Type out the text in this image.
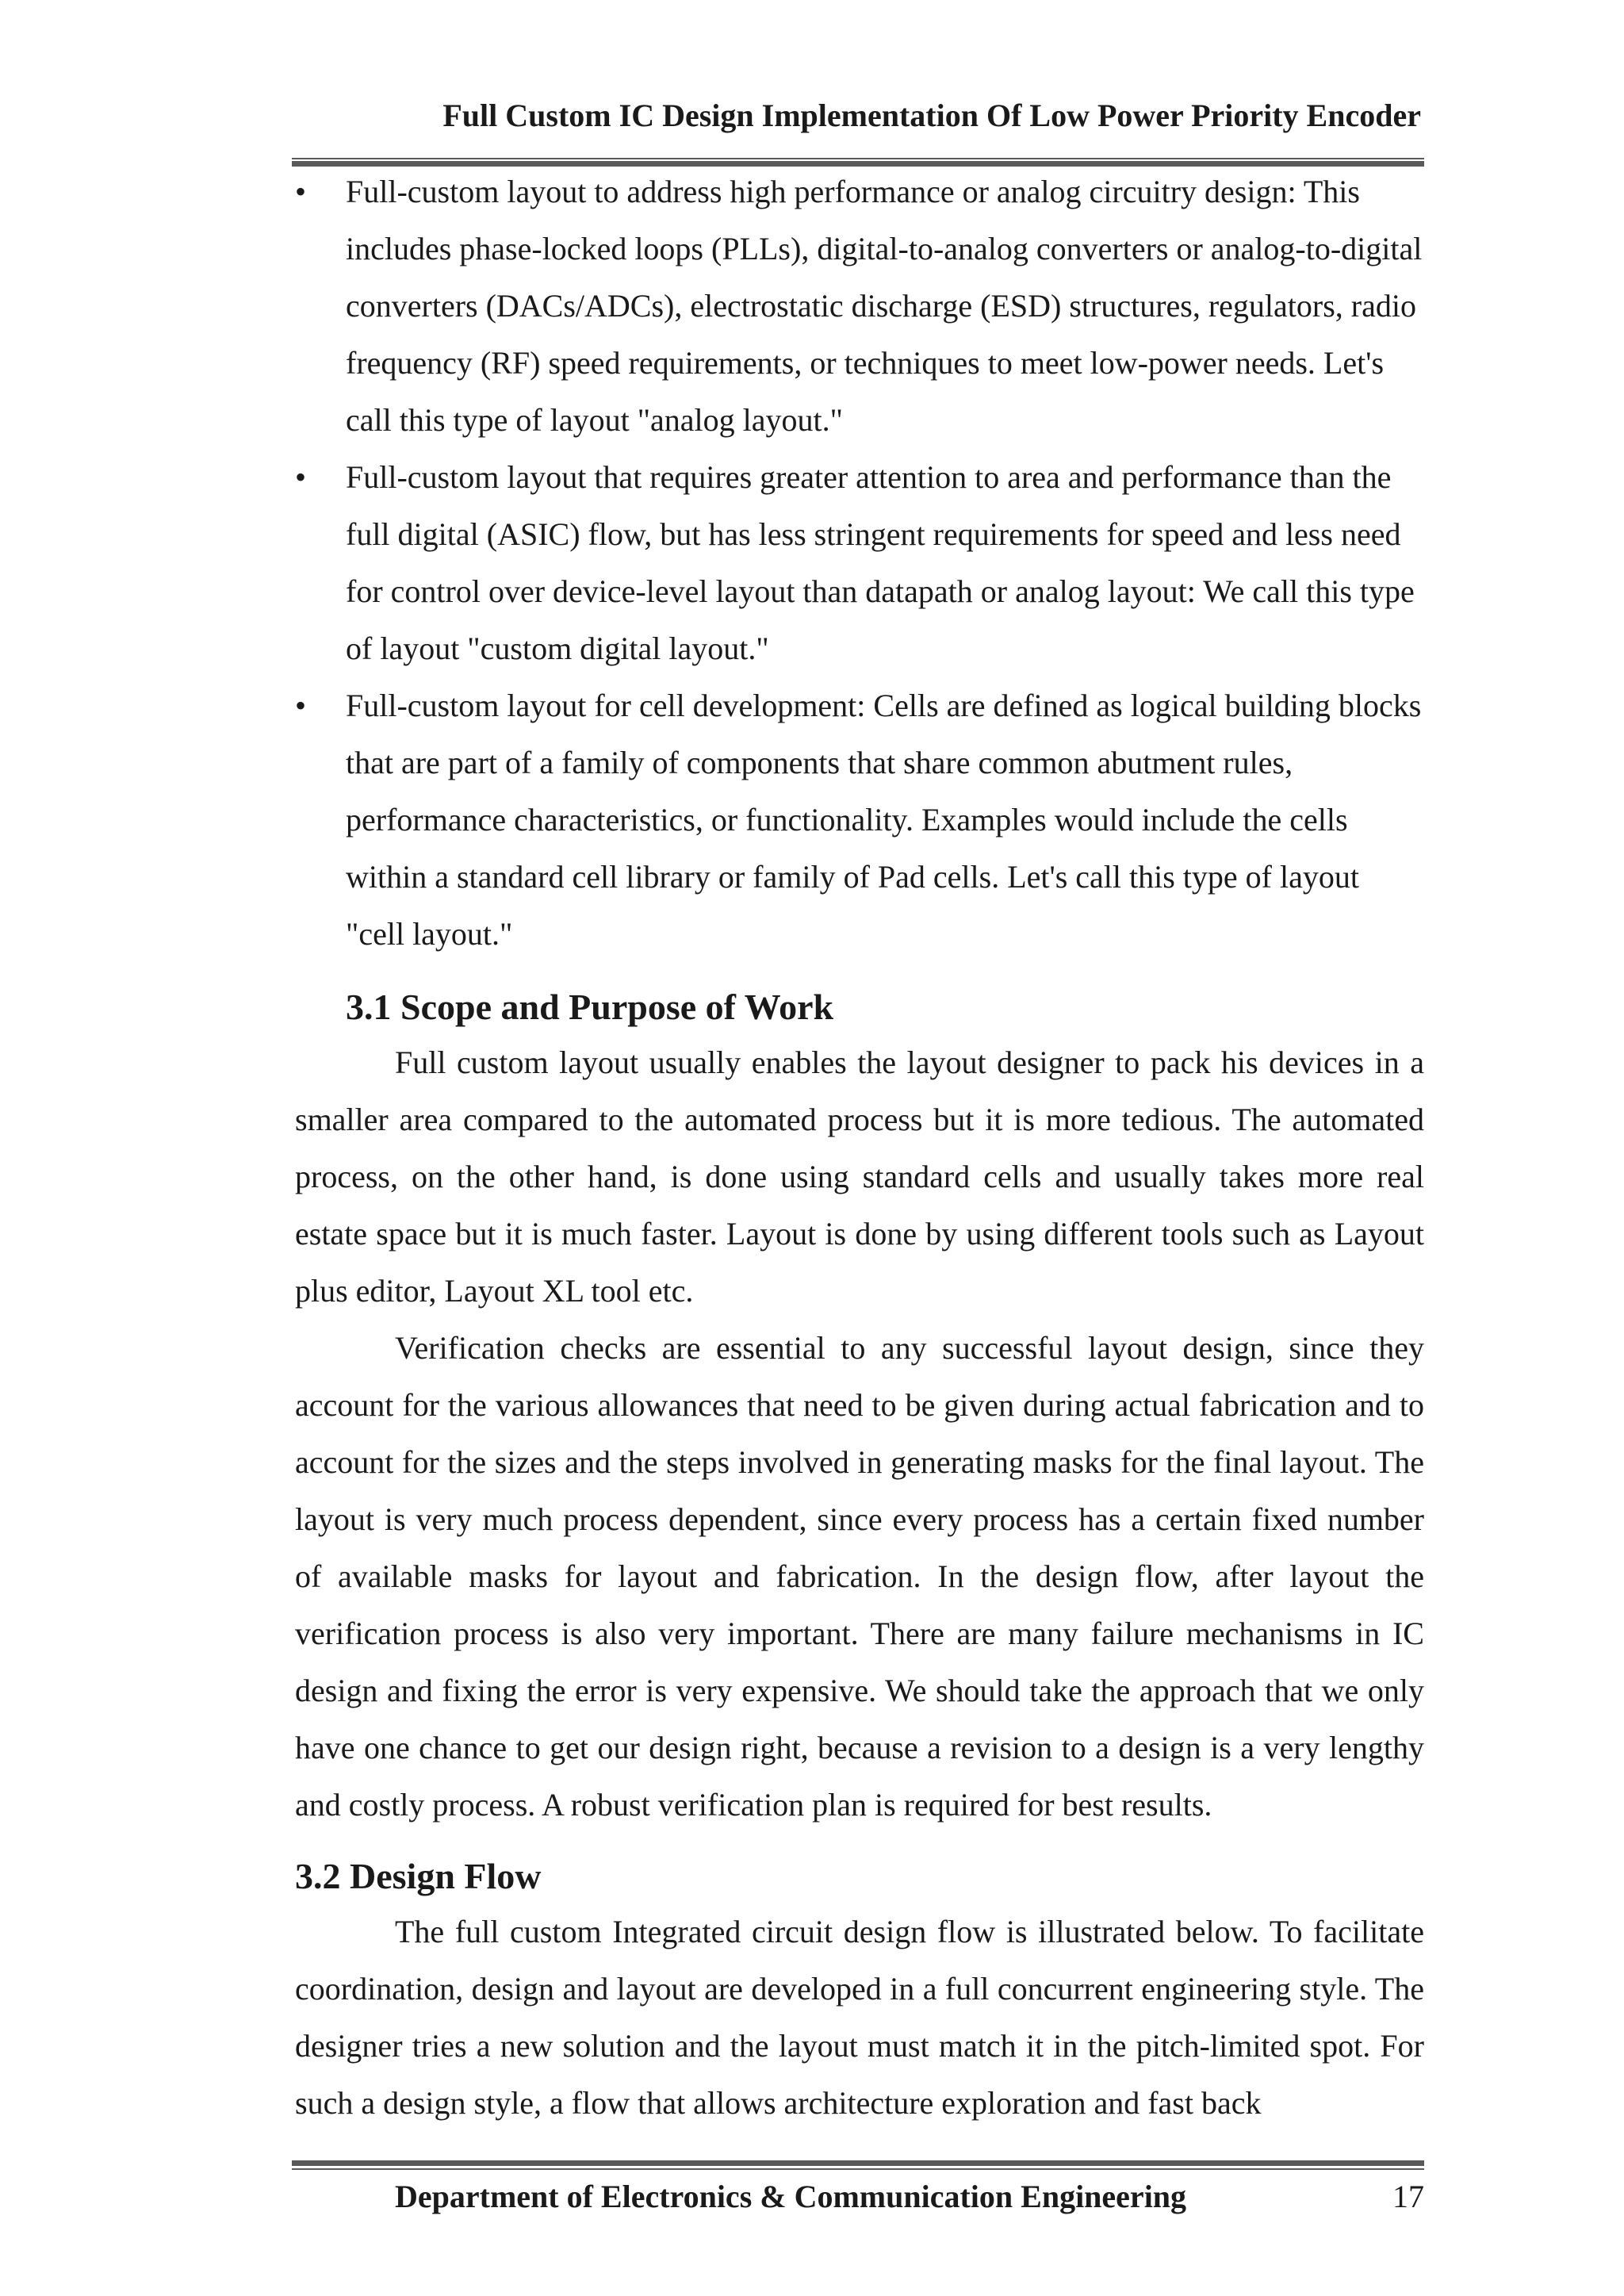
Full Custom IC Design Implementation Of Low Power Priority Encoder
• Full-custom layout to address high performance or analog circuitry design: This includes phase-locked loops (PLLs), digital-to-analog converters or analog-to-digital converters (DACs/ADCs), electrostatic discharge (ESD) structures, regulators, radio frequency (RF) speed requirements, or techniques to meet low-power needs. Let's call this type of layout "analog layout."
• Full-custom layout that requires greater attention to area and performance than the full digital (ASIC) flow, but has less stringent requirements for speed and less need for control over device-level layout than datapath or analog layout: We call this type of layout "custom digital layout."
• Full-custom layout for cell development: Cells are defined as logical building blocks that are part of a family of components that share common abutment rules, performance characteristics, or functionality. Examples would include the cells within a standard cell library or family of Pad cells. Let's call this type of layout "cell layout."
3.1 Scope and Purpose of Work

Full custom layout usually enables the layout designer to pack his devices in a smaller area compared to the automated process but it is more tedious. The automated process, on the other hand, is done using standard cells and usually takes more real estate space but it is much faster. Layout is done by using different tools such as Layout plus editor, Layout XL tool etc.

Verification checks are essential to any successful layout design, since they account for the various allowances that need to be given during actual fabrication and to account for the sizes and the steps involved in generating masks for the final layout. The layout is very much process dependent, since every process has a certain fixed number of available masks for layout and fabrication. In the design flow, after layout the verification process is also very important. There are many failure mechanisms in IC design and fixing the error is very expensive. We should take the approach that we only have one chance to get our design right, because a revision to a design is a very lengthy and costly process. A robust verification plan is required for best results.

3.2 Design Flow

The full custom Integrated circuit design flow is illustrated below. To facilitate coordination, design and layout are developed in a full concurrent engineering style. The designer tries a new solution and the layout must match it in the pitch-limited spot. For such a design style, a flow that allows architecture exploration and fast back

Department of Electronics & Communication Engineering	17
